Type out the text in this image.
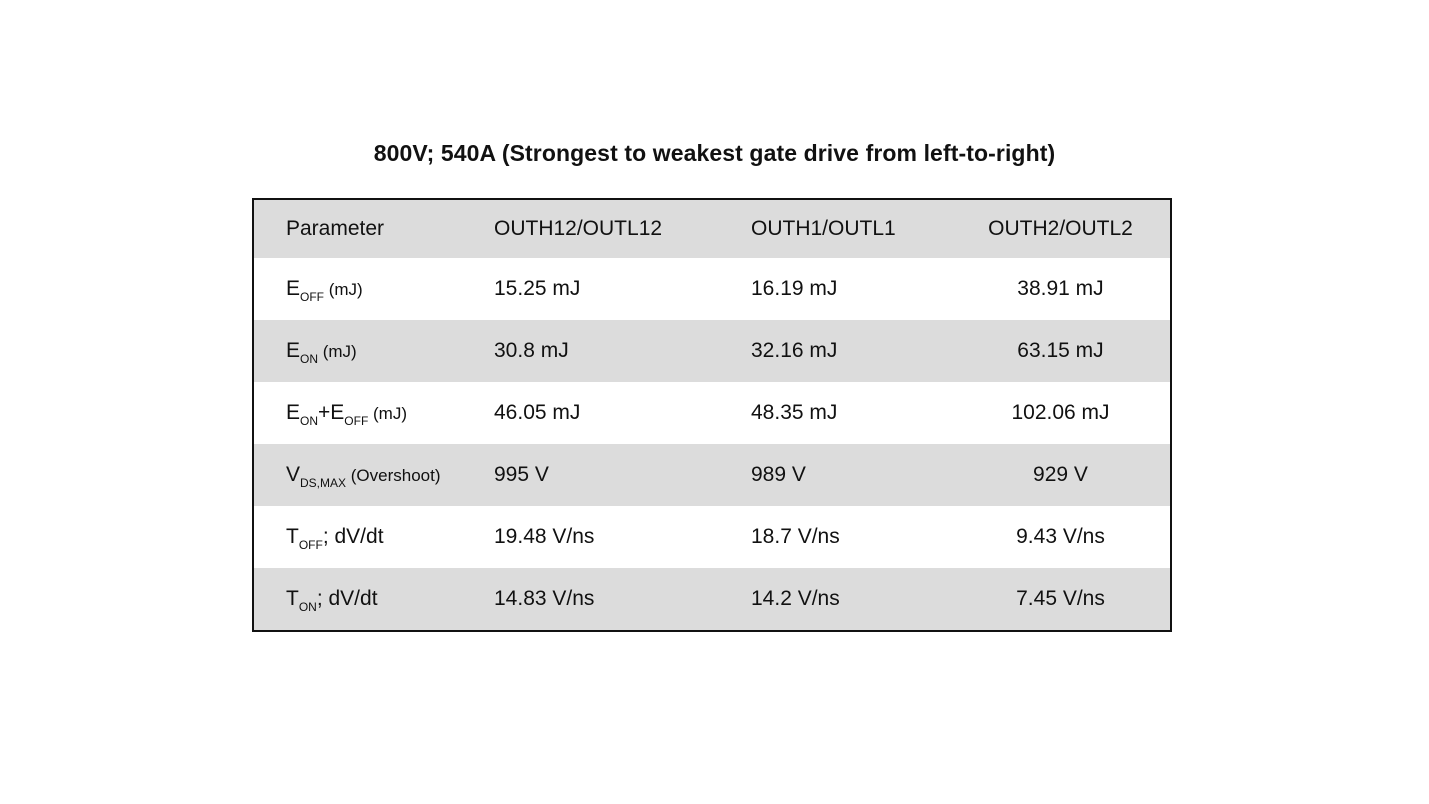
800V; 540A (Strongest to weakest gate drive from left-to-right)
Parameter	OUTH12/OUTL12	OUTH1/OUTL1	OUTH2/OUTL2
$E_{OFF}$ (mJ)	15.25 mJ	16.19 mJ	38.91 mJ
$E_{ON}$ (mJ)	30.8 mJ	32.16 mJ	63.15 mJ
$E_{ON}+E_{OFF}$ (mJ)	46.05 mJ	48.35 mJ	102.06 mJ
$V_{DS,MAX}$ (Overshoot)	995 V	989 V	929 V
$T_{OFF}$; dV/dt	19.48 V/ns	18.7 V/ns	9.43 V/ns
$T_{ON}$; dV/dt	14.83 V/ns	14.2 V/ns	7.45 V/ns
